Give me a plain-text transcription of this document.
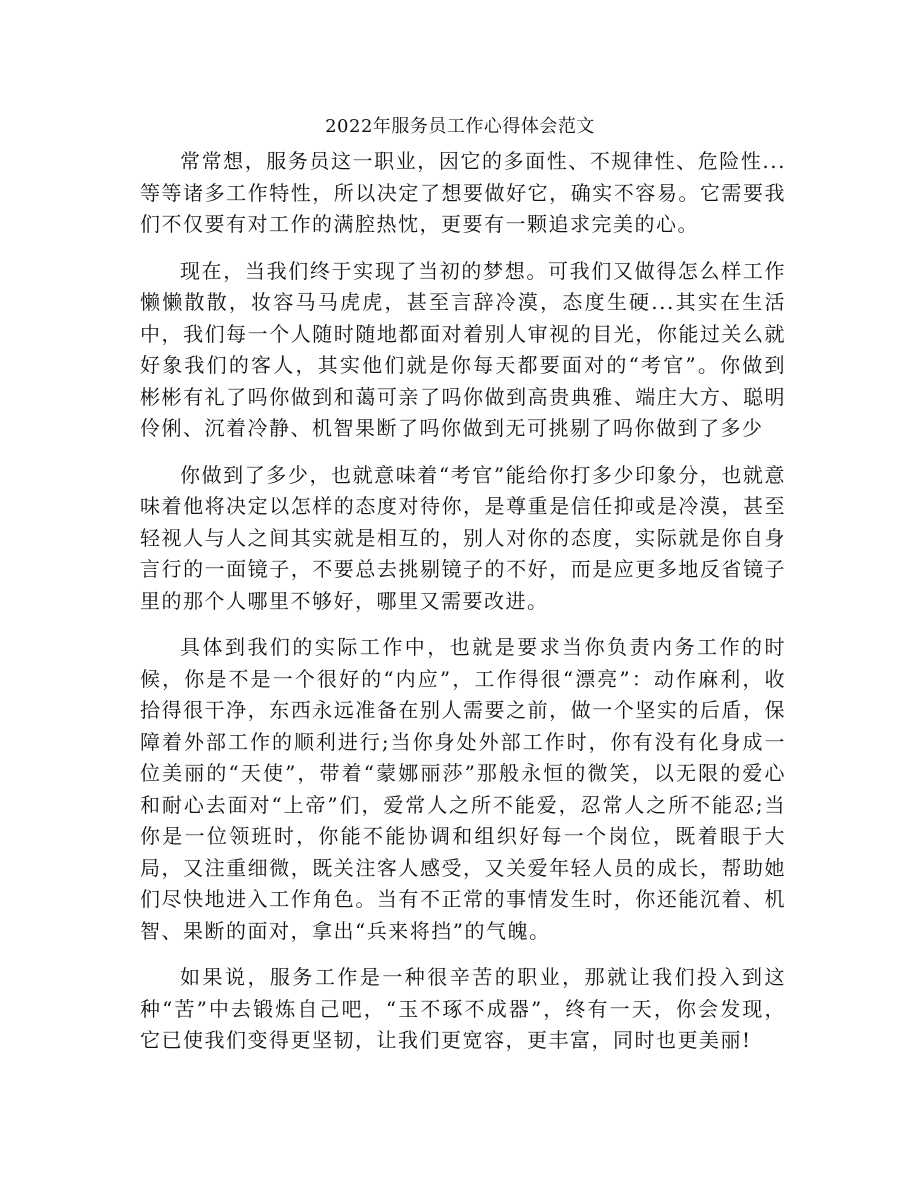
2022年服务员工作心得体会范文

常常想，服务员这一职业，因它的多面性、不规律性、危险性...等等诸多工作特性，所以决定了想要做好它，确实不容易。它需要我们不仅要有对工作的满腔热忱，更要有一颗追求完美的心。

现在，当我们终于实现了当初的梦想。可我们又做得怎么样工作懒懒散散，妆容马马虎虎，甚至言辞冷漠，态度生硬...其实在生活中，我们每一个人随时随地都面对着别人审视的目光，你能过关么就好象我们的客人，其实他们就是你每天都要面对的“考官”。你做到彬彬有礼了吗你做到和蔼可亲了吗你做到高贵典雅、端庄大方、聪明伶俐、沉着冷静、机智果断了吗你做到无可挑剔了吗你做到了多少

你做到了多少，也就意味着“考官”能给你打多少印象分，也就意味着他将决定以怎样的态度对待你，是尊重是信任抑或是冷漠，甚至轻视人与人之间其实就是相互的，别人对你的态度，实际就是你自身言行的一面镜子，不要总去挑剔镜子的不好，而是应更多地反省镜子里的那个人哪里不够好，哪里又需要改进。

具体到我们的实际工作中，也就是要求当你负责内务工作的时候，你是不是一个很好的“内应”，工作得很“漂亮”：动作麻利，收拾得很干净，东西永远准备在别人需要之前，做一个坚实的后盾，保障着外部工作的顺利进行;当你身处外部工作时，你有没有化身成一位美丽的“天使”，带着“蒙娜丽莎”那般永恒的微笑，以无限的爱心和耐心去面对“上帝”们，爱常人之所不能爱，忍常人之所不能忍;当你是一位领班时，你能不能协调和组织好每一个岗位，既着眼于大局，又注重细微，既关注客人感受，又关爱年轻人员的成长，帮助她们尽快地进入工作角色。当有不正常的事情发生时，你还能沉着、机智、果断的面对，拿出“兵来将挡”的气魄。

如果说，服务工作是一种很辛苦的职业，那就让我们投入到这种“苦”中去锻炼自己吧，“玉不琢不成器”，终有一天，你会发现，它已使我们变得更坚韧，让我们更宽容，更丰富，同时也更美丽!
